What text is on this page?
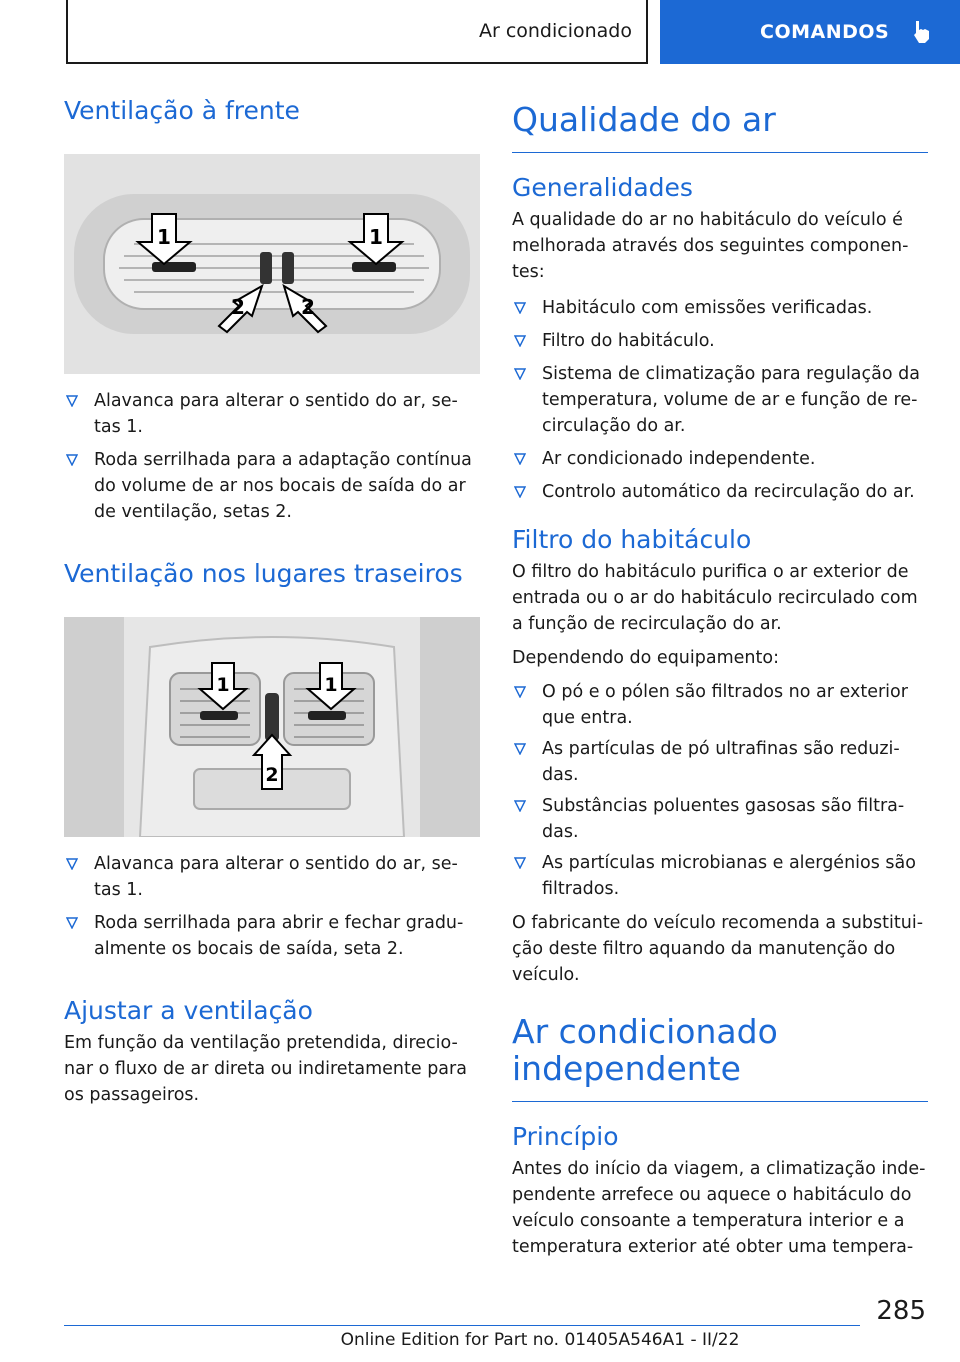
Ar condicionado	COMANDOS
Ventilação à frente
1	1
2	2
Alavanca para alterar o sentido do ar, se-tas 1.
Roda serrilhada para a adaptação contínua do volume de ar nos bocais de saída do ar de ventilação, setas 2.
Ventilação nos lugares traseiros
1	1
2
Alavanca para alterar o sentido do ar, se-tas 1.
Roda serrilhada para abrir e fechar gradu-almente os bocais de saída, seta 2.
Ajustar a ventilação

Em função da ventilação pretendida, direcio-nar o fluxo de ar direta ou indiretamente para os passageiros.

Qualidade do ar
Generalidades

A qualidade do ar no habitáculo do veículo é melhorada através dos seguintes componen-tes:

Habitáculo com emissões verificadas.
Filtro do habitáculo.
Sistema de climatização para regulação da temperatura, volume de ar e função de re-circulação do ar.
Ar condicionado independente.
Controlo automático da recirculação do ar.
Filtro do habitáculo

O filtro do habitáculo purifica o ar exterior de entrada ou o ar do habitáculo recirculado com a função de recirculação do ar.

Dependendo do equipamento:

O pó e o pólen são filtrados no ar exterior que entra.
As partículas de pó ultrafinas são reduzi-das.
Substâncias poluentes gasosas são filtra-das.
As partículas microbianas e alergénios são filtrados.

O fabricante do veículo recomenda a substitui-ção deste filtro aquando da manutenção do veículo.

Ar condicionado independente
Princípio

Antes do início da viagem, a climatização inde-pendente arrefece ou aquece o habitáculo do veículo consoante a temperatura interior e a temperatura exterior até obter uma tempera-

285
Online Edition for Part no. 01405A546A1 - II/22
